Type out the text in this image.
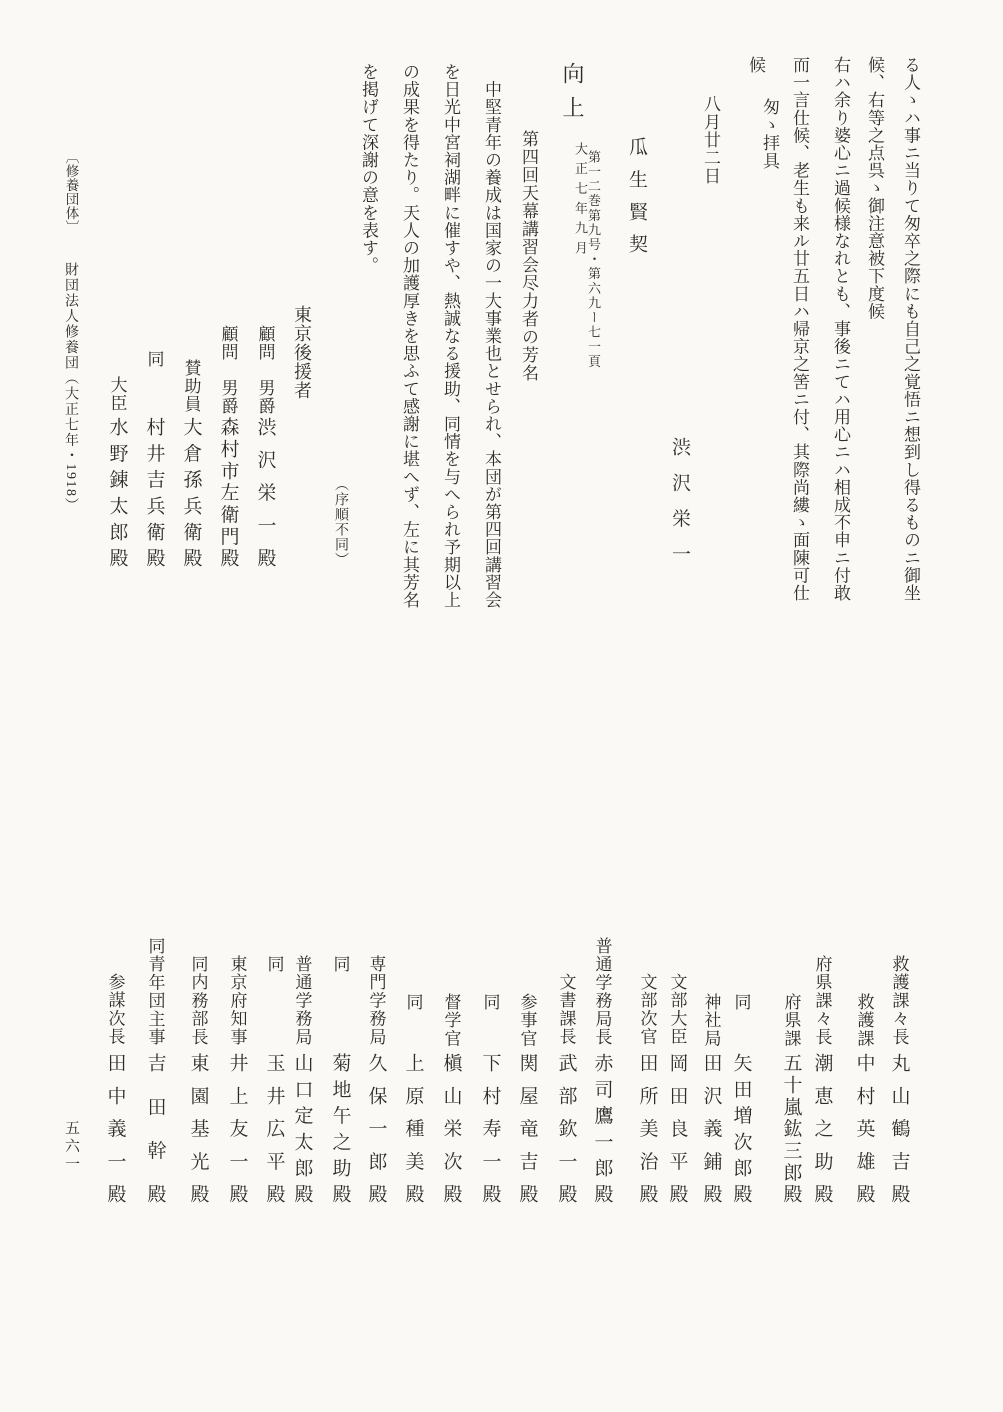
る人ゝハ事ニ当りて匆卒之際にも自己之覚悟ニ想到し得るものニ御坐
候、右等之点呉ゝ御注意被下度候
右ハ余り婆心ニ過候様なれとも、事後ニてハ用心ニハ相成不申ニ付敢
而一言仕候、老生も来ル廿五日ハ帰京之筈ニ付、其際尚縷ゝ面陳可仕
候
匆ゝ拝具
八月廿二日
渋沢栄一
瓜生賢契
向上
第一二巻第九号・第六九ー七一頁
大正七年九月
第四回天幕講習会尽力者の芳名
　中堅青年の養成は国家の一大事業也とせられ、本団が第四回講習会
を日光中宮祠湖畔に催すや、熱誠なる援助、同情を与へられ予期以上
の成果を得たり。天人の加護厚きを思ふて感謝に堪へず、左に其芳名
を掲げて深謝の意を表す。
（序順不同）
東京後援者
顧問　男爵
渋沢栄一殿
顧問　男爵
森村市左衛門殿
賛助員
大倉孫兵衛殿
同
村井吉兵衛殿
大臣
水野錬太郎殿
〔修養団体〕
財団法人修養団（大正七年・1918）
救護課々長
丸山鶴吉殿
救護課
中村英雄殿
府県課々長
潮恵之助殿
府県課
五十嵐鈜三郎殿
同
矢田増次郎殿
神社局
田沢義鋪殿
文部大臣
岡田良平殿
文部次官
田所美治殿
普通学務局長
赤司鷹一郎殿
文書課長
武部欽一殿
参事官
関屋竜吉殿
同
下村寿一殿
督学官
槇山栄次殿
同
上原種美殿
専門学務局
久保一郎殿
同
菊地午之助殿
普通学務局
山口定太郎殿
同
玉井広平殿
東京府知事
井上友一殿
同内務部長
東園基光殿
同青年団主事
吉田幹殿
参謀次長
田中義一殿
五六一
